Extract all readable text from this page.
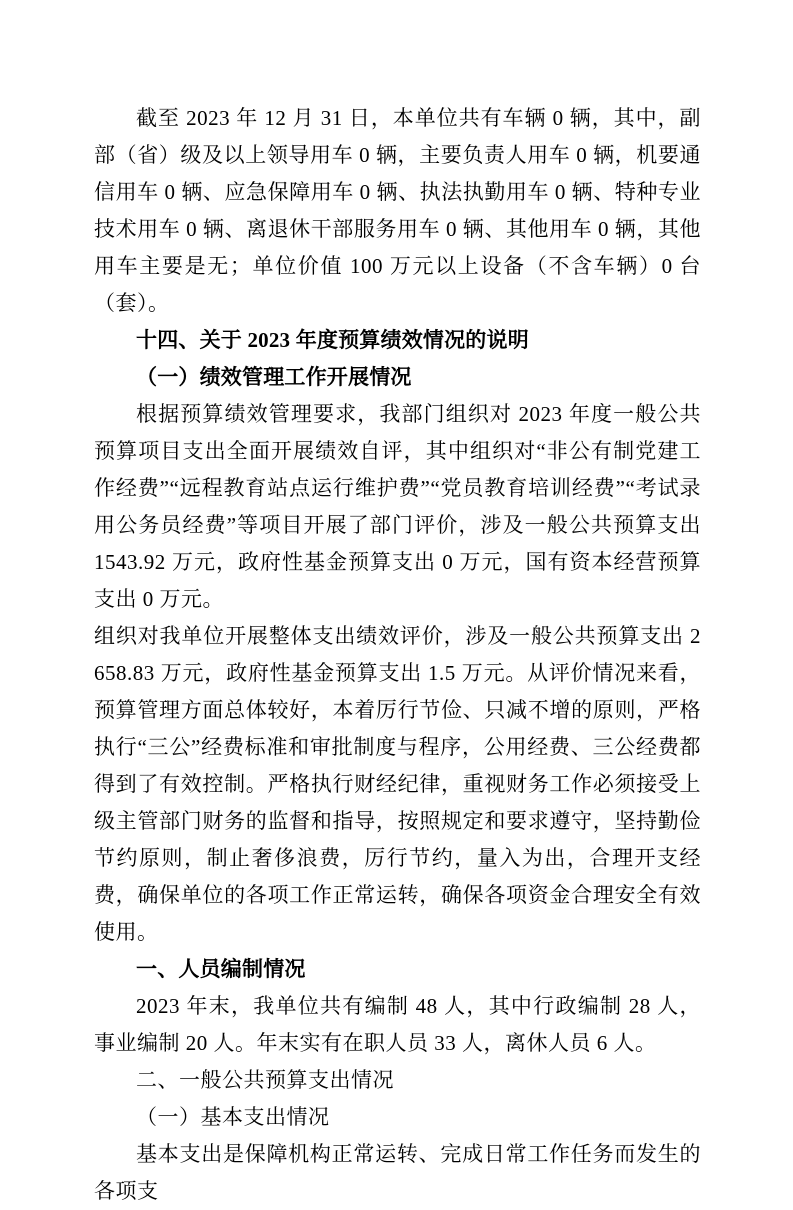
截至 2023 年 12 月 31 日，本单位共有车辆 0 辆，其中，副部（省）级及以上领导用车 0 辆，主要负责人用车 0 辆，机要通信用车 0 辆、应急保障用车 0 辆、执法执勤用车 0 辆、特种专业技术用车 0 辆、离退休干部服务用车 0 辆、其他用车 0 辆，其他用车主要是无；单位价值 100 万元以上设备（不含车辆）0 台（套）。

十四、关于 2023 年度预算绩效情况的说明

（一）绩效管理工作开展情况

根据预算绩效管理要求，我部门组织对 2023 年度一般公共预算项目支出全面开展绩效自评，其中组织对“非公有制党建工作经费”“远程教育站点运行维护费”“党员教育培训经费”“考试录用公务员经费”等项目开展了部门评价，涉及一般公共预算支出 1543.92 万元，政府性基金预算支出 0 万元，国有资本经营预算支出 0 万元。

组织对我单位开展整体支出绩效评价，涉及一般公共预算支出 2658.83 万元，政府性基金预算支出 1.5 万元。从评价情况来看，预算管理方面总体较好，本着厉行节俭、只减不增的原则，严格执行“三公”经费标准和审批制度与程序，公用经费、三公经费都得到了有效控制。严格执行财经纪律，重视财务工作必须接受上级主管部门财务的监督和指导，按照规定和要求遵守，坚持勤俭节约原则，制止奢侈浪费，厉行节约，量入为出，合理开支经费，确保单位的各项工作正常运转，确保各项资金合理安全有效使用。

一、人员编制情况

2023 年末，我单位共有编制 48 人，其中行政编制 28 人，事业编制 20 人。年末实有在职人员 33 人，离休人员 6 人。

二、一般公共预算支出情况

（一）基本支出情况

基本支出是保障机构正常运转、完成日常工作任务而发生的各项支
